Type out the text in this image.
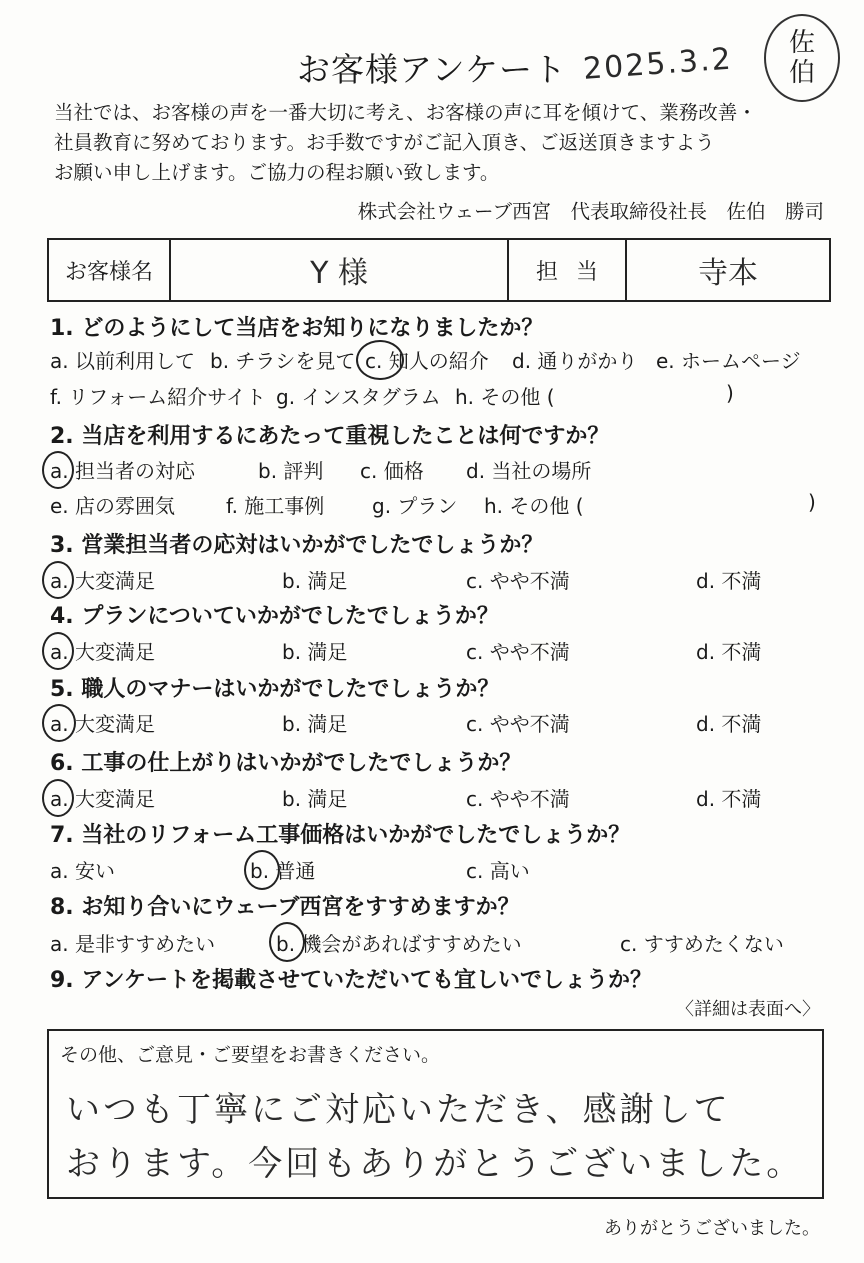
お客様アンケート 2025.3.2 佐
伯
当社では、お客様の声を一番大切に考え、お客様の声に耳を傾けて、業務改善・
社員教育に努めております。お手数ですがご記入頂き、ご返送頂きますよう
お願い申し上げます。ご協力の程お願い致します。
株式会社ウェーブ西宮　代表取締役社長　佐伯　勝司
お客様名	Y 様	担当	寺本
1. どのようにして当店をお知りになりましたか？
a. 以前利用して b. チラシを見て c. 知人の紹介 d. 通りがかり e. ホームページ
f. リフォーム紹介サイト g. インスタグラム h. その他 (	)
2. 当店を利用するにあたって重視したことは何ですか？
a. 担当者の対応	b. 評判 c. 価格 d. 当社の場所
e. 店の雰囲気	f. 施工事例 g. プラン h. その他 (	)
3. 営業担当者の応対はいかがでしたでしょうか？
a. 大変満足	b. 満足	c. やや不満	d. 不満
4. プランについていかがでしたでしょうか？
a. 大変満足	b. 満足	c. やや不満	d. 不満
5. 職人のマナーはいかがでしたでしょうか？
a. 大変満足	b. 満足	c. やや不満	d. 不満
6. 工事の仕上がりはいかがでしたでしょうか？
a. 大変満足	b. 満足	c. やや不満	d. 不満
7. 当社のリフォーム工事価格はいかがでしたでしょうか？
a. 安い	b. 普通	c. 高い
8. お知り合いにウェーブ西宮をすすめますか？
a. 是非すすめたい	b. 機会があればすすめたい	c. すすめたくない
9. アンケートを掲載させていただいても宜しいでしょうか？
〈詳細は表面へ〉
その他、ご意見・ご要望をお書きください。
いつも丁寧にご対応いただき、感謝して
おります。今回もありがとうございました。
ありがとうございました。
